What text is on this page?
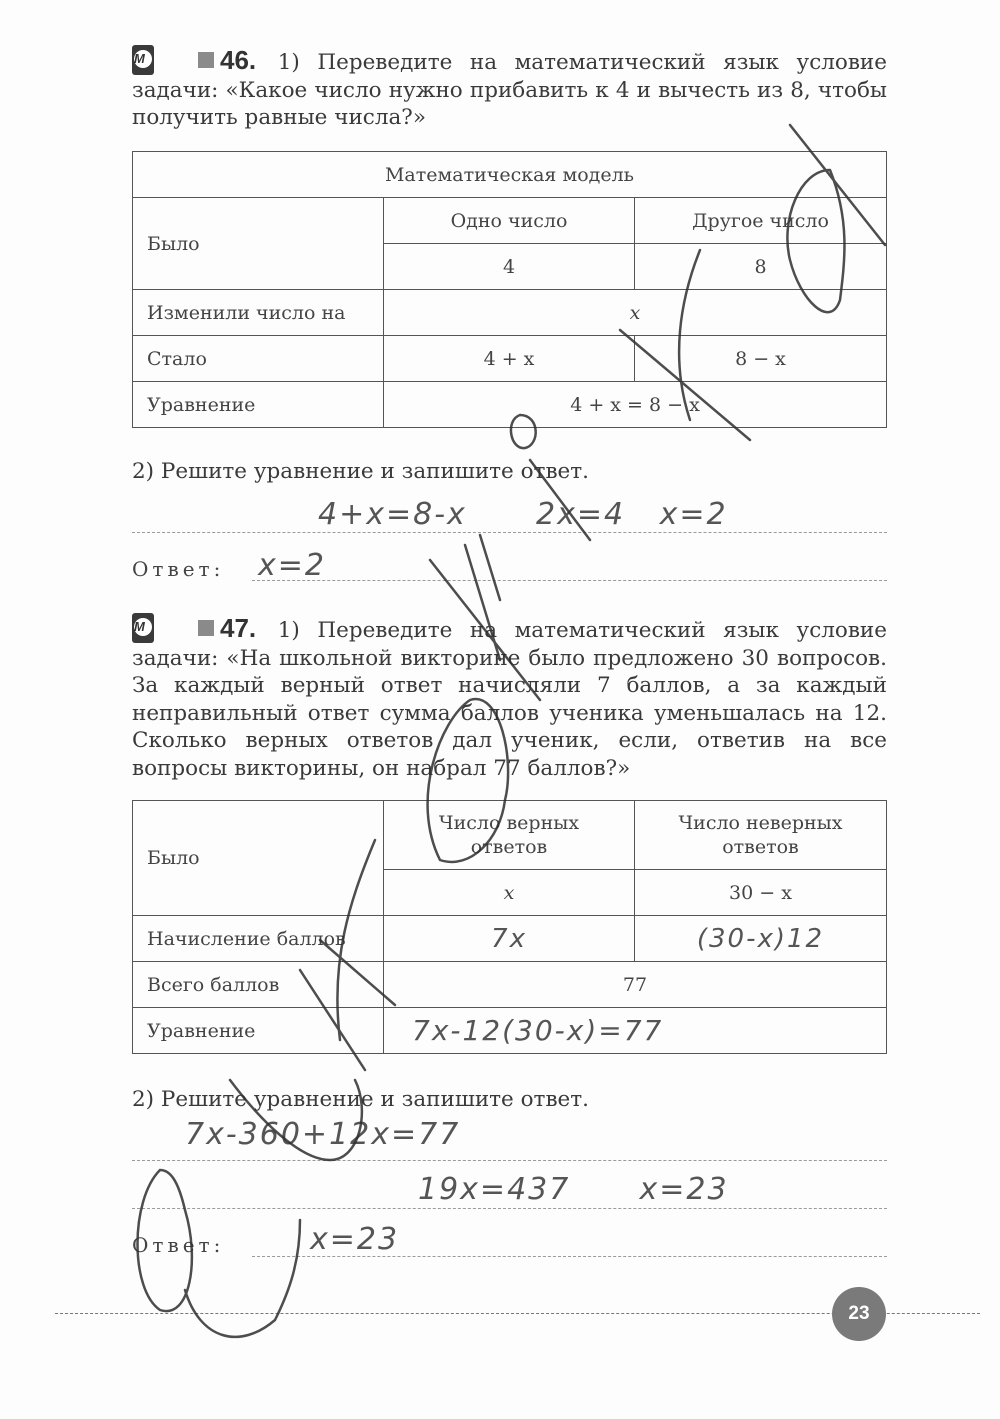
М	46. 1) Переведите на математический язык условие задачи: «Какое число нужно прибавить к 4 и вычесть из 8, чтобы получить равные числа?»
Математическая модель		
Было	Одно число	Другое число
	4	8
Изменили число на	x	
Стало	4 + x	8 − x
Уравнение	4 + x = 8 − x	
2) Решите уравнение и запишите ответ.
4+x=8-x      2x=4   x=2
Ответ: x=2
М	47. 1) Переведите на математический язык условие задачи: «На школьной викторине было предложено 30 вопросов. За каждый верный ответ начисляли 7 баллов, а за каждый неправильный ответ сумма баллов ученика уменьшалась на 12. Сколько верных ответов дал ученик, если, ответив на все вопросы викторины, он набрал 77 баллов?»
Было	Число верных ответов	Число неверных ответов
	x	30 − x
Начисление баллов	7x	(30-x)12
Всего баллов	77	
Уравнение	7x-12(30-x)=77	
2) Решите уравнение и запишите ответ.
7x-360+12x=77
19x=437      x=23
Ответ:	x=23
23
